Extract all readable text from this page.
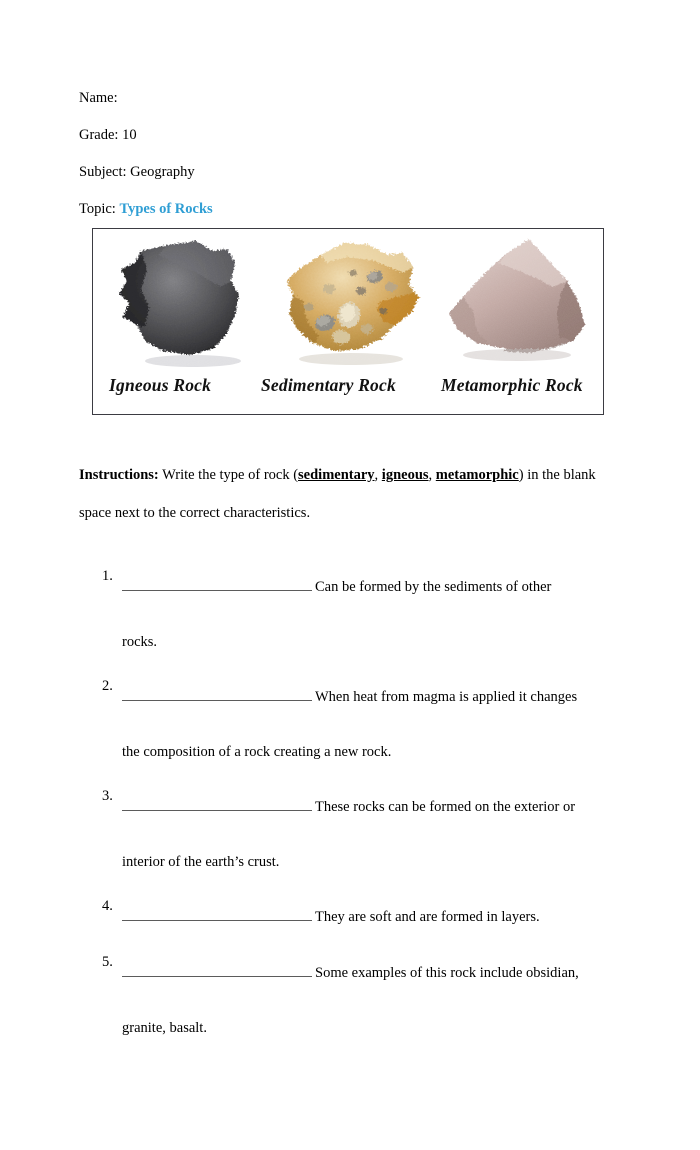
Name:
Grade: 10
Subject: Geography
Topic: Types of Rocks
Igneous Rock	Sedimentary Rock	Metamorphic Rock
Instructions: Write the type of rock (sedimentary, igneous, metamorphic) in the blank space next to the correct characteristics.
1.
Can be formed by the sediments of other
rocks.
2.
When heat from magma is applied it changes
the composition of a rock creating a new rock.
3.
These rocks can be formed on the exterior or
interior of the earth’s crust.
4.
They are soft and are formed in layers.
5.
Some examples of this rock include obsidian,
granite, basalt.
